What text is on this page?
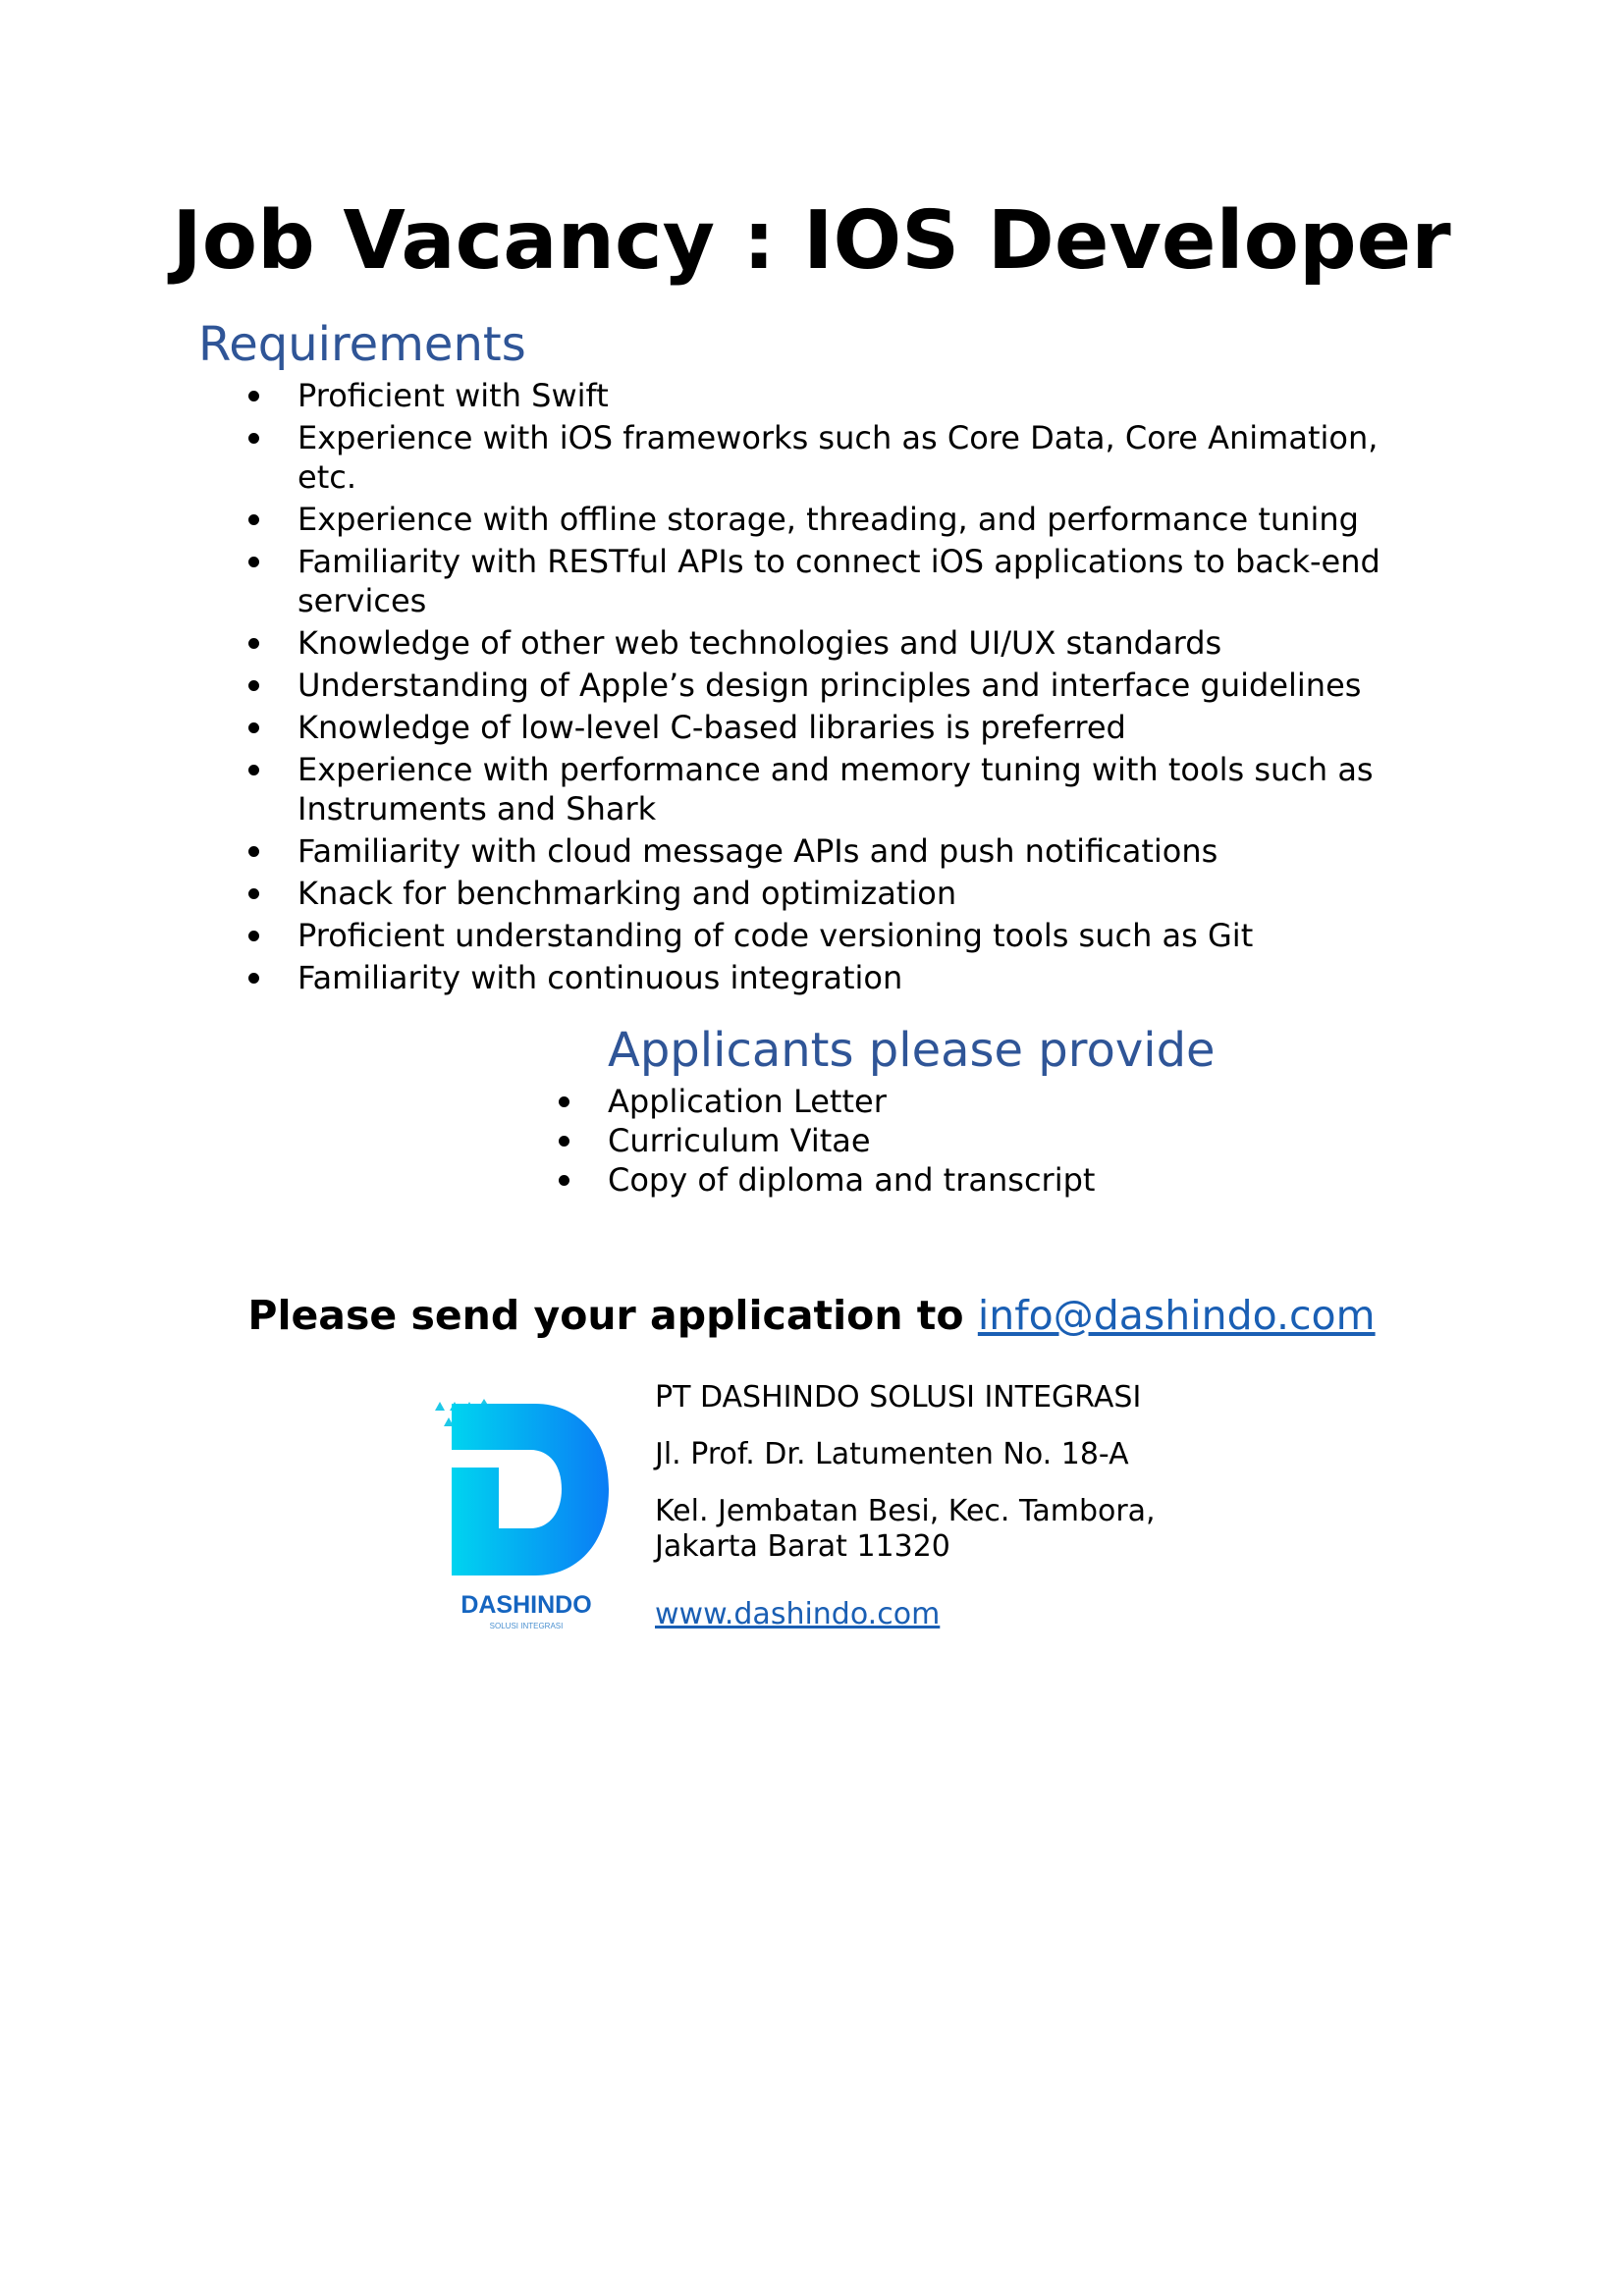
Job Vacancy : IOS Developer
Requirements
Proficient with Swift
Experience with iOS frameworks such as Core Data, Core Animation, etc.
Experience with offline storage, threading, and performance tuning
Familiarity with RESTful APIs to connect iOS applications to back-end services
Knowledge of other web technologies and UI/UX standards
Understanding of Apple’s design principles and interface guidelines
Knowledge of low-level C-based libraries is preferred
Experience with performance and memory tuning with tools such as Instruments and Shark
Familiarity with cloud message APIs and push notifications
Knack for benchmarking and optimization
Proficient understanding of code versioning tools such as Git
Familiarity with continuous integration
Applicants please provide
Application Letter
Curriculum Vitae
Copy of diploma and transcript
Please send your application to info@dashindo.com
DASHINDO
SOLUSI INTEGRASI

PT DASHINDO SOLUSI INTEGRASI

Jl. Prof. Dr. Latumenten No. 18-A

Kel. Jembatan Besi, Kec. Tambora,

Jakarta Barat 11320

www.dashindo.com
